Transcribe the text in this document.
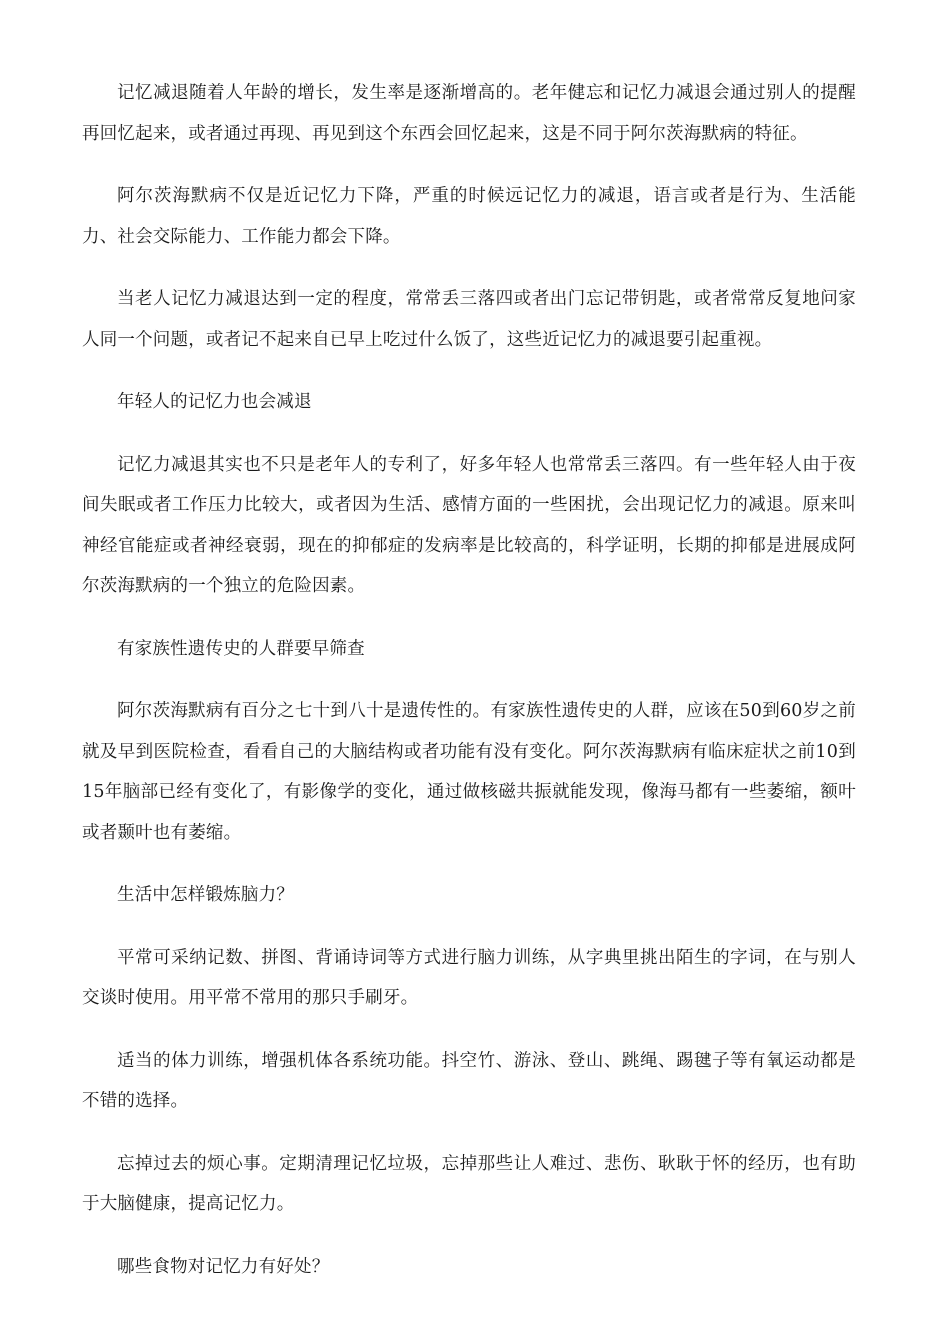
记忆减退随着人年龄的增长，发生率是逐渐增高的。老年健忘和记忆力减退会通过别人的提醒再回忆起来，或者通过再现、再见到这个东西会回忆起来，这是不同于阿尔茨海默病的特征。

阿尔茨海默病不仅是近记忆力下降，严重的时候远记忆力的减退，语言或者是行为、生活能力、社会交际能力、工作能力都会下降。

当老人记忆力减退达到一定的程度，常常丢三落四或者出门忘记带钥匙，或者常常反复地问家人同一个问题，或者记不起来自已早上吃过什么饭了，这些近记忆力的减退要引起重视。

年轻人的记忆力也会减退

记忆力减退其实也不只是老年人的专利了，好多年轻人也常常丢三落四。有一些年轻人由于夜间失眠或者工作压力比较大，或者因为生活、感情方面的一些困扰，会出现记忆力的减退。原来叫神经官能症或者神经衰弱，现在的抑郁症的发病率是比较高的，科学证明，长期的抑郁是进展成阿尔茨海默病的一个独立的危险因素。

有家族性遗传史的人群要早筛查

阿尔茨海默病有百分之七十到八十是遗传性的。有家族性遗传史的人群，应该在50到60岁之前就及早到医院检查，看看自己的大脑结构或者功能有没有变化。阿尔茨海默病有临床症状之前10到15年脑部已经有变化了，有影像学的变化，通过做核磁共振就能发现，像海马都有一些萎缩，额叶或者颞叶也有萎缩。

生活中怎样锻炼脑力？

平常可采纳记数、拼图、背诵诗词等方式进行脑力训练，从字典里挑出陌生的字词，在与别人交谈时使用。用平常不常用的那只手刷牙。

适当的体力训练，增强机体各系统功能。抖空竹、游泳、登山、跳绳、踢毽子等有氧运动都是不错的选择。

忘掉过去的烦心事。定期清理记忆垃圾，忘掉那些让人难过、悲伤、耿耿于怀的经历，也有助于大脑健康，提高记忆力。

哪些食物对记忆力有好处？
